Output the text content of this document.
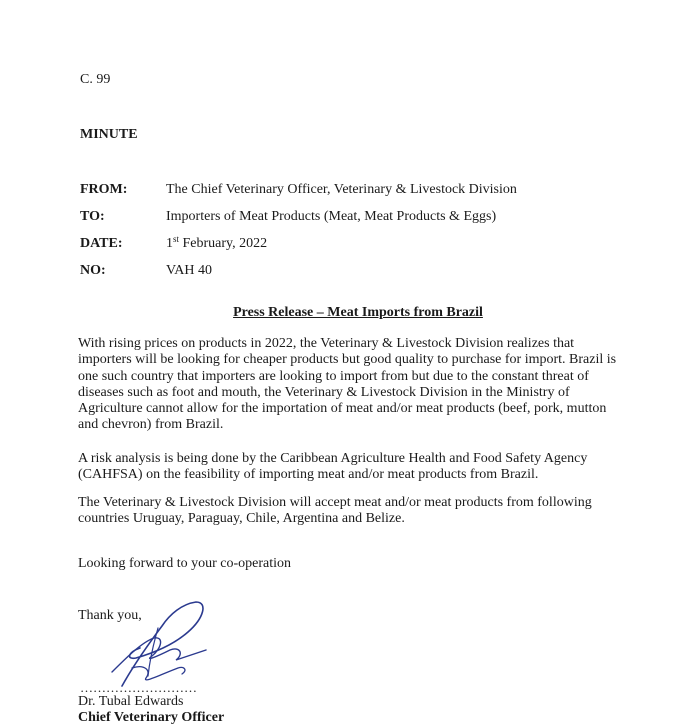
C. 99
MINUTE
FROM:	The Chief Veterinary Officer, Veterinary & Livestock Division
TO:	Importers of Meat Products (Meat, Meat Products & Eggs)
DATE:	1st February, 2022
NO:	VAH 40
Press Release – Meat Imports from Brazil

With rising prices on products in 2022, the Veterinary & Livestock Division realizes that importers will be looking for cheaper products but good quality to purchase for import. Brazil is one such country that importers are looking to import from but due to the constant threat of diseases such as foot and mouth, the Veterinary & Livestock Division in the Ministry of Agriculture cannot allow for the importation of meat and/or meat products (beef, pork, mutton and chevron) from Brazil.

A risk analysis is being done by the Caribbean Agriculture Health and Food Safety Agency (CAHFSA) on the feasibility of importing meat and/or meat products from Brazil.

The Veterinary & Livestock Division will accept meat and/or meat products from following countries Uruguay, Paraguay, Chile, Argentina and Belize.

Looking forward to your co-operation
Thank you,
………………………
Dr. Tubal Edwards
Chief Veterinary Officer
